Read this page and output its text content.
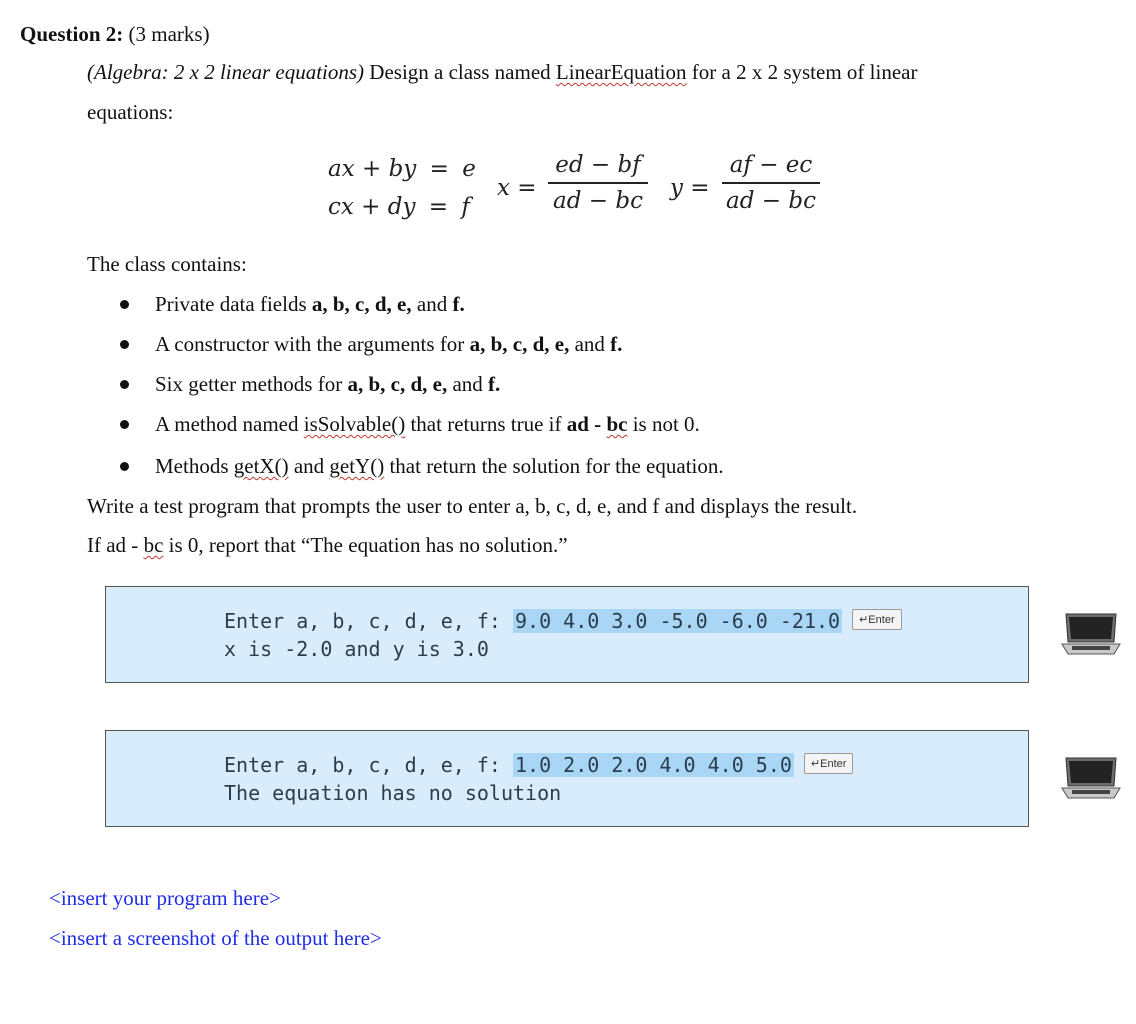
Question 2: (3 marks)
(Algebra: 2 x 2 linear equations) Design a class named LinearEquation for a 2 x 2 system of linear
equations:
ax + by = e
cx + dy = f
x =
ed − bf
ad − bc y =
af − ec
ad − bc
The class contains:
Private data fields a, b, c, d, e, and f.
A constructor with the arguments for a, b, c, d, e, and f.
Six getter methods for a, b, c, d, e, and f.
A method named isSolvable() that returns true if ad - bc is not 0.
Methods getX() and getY() that return the solution for the equation.
Write a test program that prompts the user to enter a, b, c, d, e, and f and displays the result.
If ad - bc is 0, report that “The equation has no solution.”
Enter a, b, c, d, e, f: 9.0 4.0 3.0 -5.0 -6.0 -21.0 ↵Enter
x is -2.0 and y is 3.0
Enter a, b, c, d, e, f: 1.0 2.0 2.0 4.0 4.0 5.0 ↵Enter
The equation has no solution
<insert your program here>
<insert a screenshot of the output here>
